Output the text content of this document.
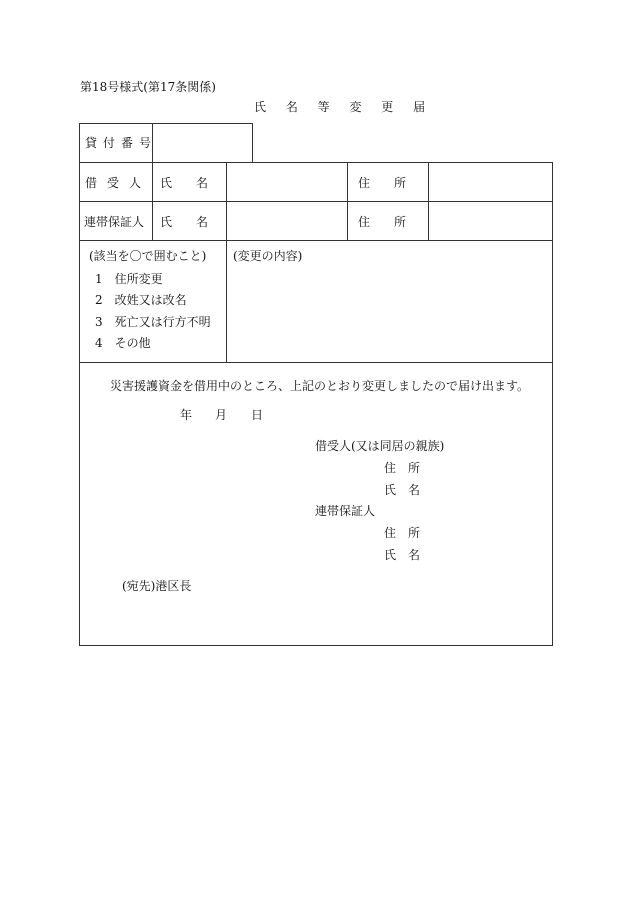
第18号様式(第17条関係)
氏 名 等 変 更 届
貸付番号
借受人 氏　　名	住　　所
連帯保証人 氏　　名	住　　所
(該当を〇で囲むこと)
1　住所変更
2　改姓又は改名
3　死亡又は行方不明
4　その他
(変更の内容)
災害援護資金を借用中のところ、上記のとおり変更しましたので届け出ます。
年 月 日
借受人(又は同居の親族)
住　所
氏　名
連帯保証人
住　所
氏　名
(宛先)港区長
